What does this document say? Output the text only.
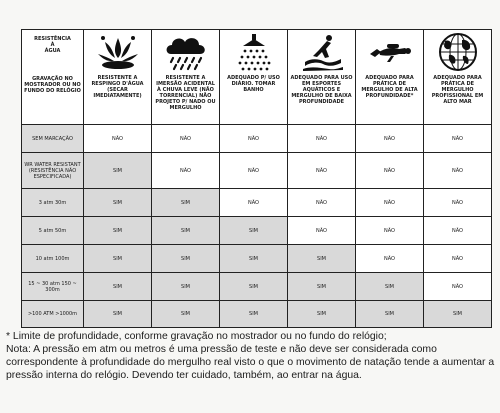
RESISTÊNCIA
À
ÁGUA
GRAVAÇÃO NO MOSTRADOR OU NO FUNDO DO RELÓGIO	RESISTENTE A RESPINGO D'ÁGUA (SECAR IMEDIATAMENTE)	RESISTENTE A IMERSÃO ACIDENTAL À CHUVA LEVE (NÃO TORRENCIAL) NÃO PROJETO P/ NADO OU MERGULHO	ADEQUADO P/ USO DIÁRIO. TOMAR BANHO	ADEQUADO PARA USO EM ESPORTES AQUÁTICOS E MERGULHO DE BAIXA PROFUNDIDADE	ADEQUADO PARA PRÁTICA DE MERGULHO DE ALTA PROFUNDIDADE*	ADEQUADO PARA PRÁTICA DE MERGULHO PROFISSIONAL EM ALTO MAR

SEM MARCAÇÃO	NÃO	NÃO	NÃO	NÃO	NÃO	NÃO
WR WATER RESISTANT (RESISTÊNCIA NÃO ESPECIFICADA)	SIM	NÃO	NÃO	NÃO	NÃO	NÃO
3 atm 30m	SIM	SIM	NÃO	NÃO	NÃO	NÃO
5 atm 50m	SIM	SIM	SIM	NÃO	NÃO	NÃO
10 atm 100m	SIM	SIM	SIM	SIM	NÃO	NÃO
15 ~ 30 atm 150 ~ 300m	SIM	SIM	SIM	SIM	SIM	NÃO
>100 ATM >1000m	SIM	SIM	SIM	SIM	SIM	SIM

* Limite de profundidade, conforme gravação no mostrador ou no fundo do relógio;

Nota: A pressão em atm ou metros é uma pressão de teste e não deve ser considerada como correspondente à profundidade do mergulho real visto o que o movimento de natação tende a aumentar a pressão interna do relógio. Devendo ter cuidado, também, ao entrar na água.
